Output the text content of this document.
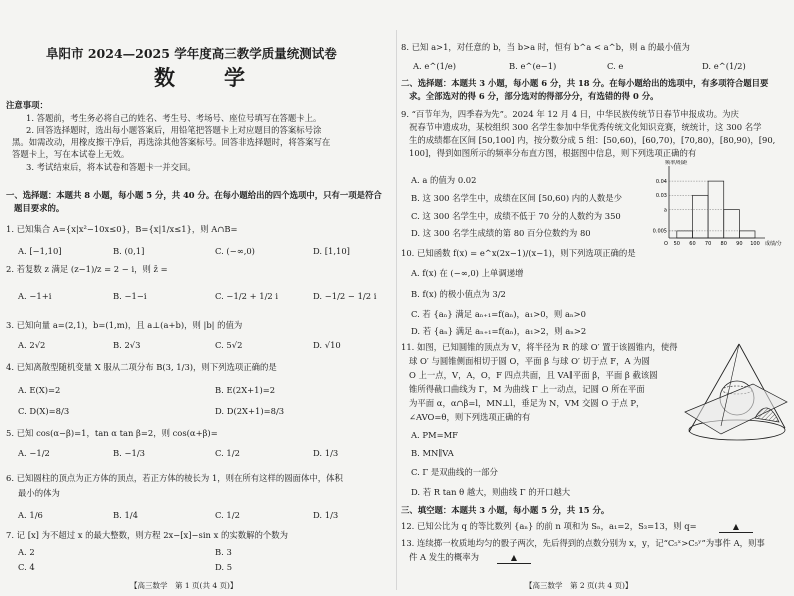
阜阳市 2024—2025 学年度高三教学质量统测试卷
数　学
注意事项：
1. 答题前，考生务必将自己的姓名、考生号、考场号、座位号填写在答题卡上。
2. 回答选择题时，选出每小题答案后，用铅笔把答题卡上对应题目的答案标号涂
黑。如需改动，用橡皮擦干净后，再选涂其他答案标号。回答非选择题时，将答案写在
答题卡上，写在本试卷上无效。
3. 考试结束后，将本试卷和答题卡一并交回。
一、选择题：本题共 8 小题，每小题 5 分，共 40 分。在每小题给出的四个选项中，只有一项是符合
题目要求的。
1. 已知集合 A={x|x²−10x≤0}，B={x|1/x≤1}，则 A∩B=
A. [−1,10]	B. (0,1]	C. (−∞,0)	D. [1,10]
2. 若复数 z 满足 (z−1)/z = 2 − i，则 z̄ =
A. −1+i	B. −1−i	C. −1/2 + 1/2 i	D. −1/2 − 1/2 i
3. 已知向量 a=(2,1)，b=(1,m)，且 a⊥(a+b)，则 |b| 的值为
A. 2√2	B. 2√3	C. 5√2	D. √10
4. 已知离散型随机变量 X 服从二项分布 B(3, 1/3)，则下列选项正确的是
A. E(X)=2	B. E(2X+1)=2
C. D(X)=8/3	D. D(2X+1)=8/3
5. 已知 cos(α−β)=1，tan α tan β=2，则 cos(α+β)=
A. −1/2	B. −1/3	C. 1/2	D. 1/3
6. 已知圆柱的顶点为正方体的顶点，若正方体的棱长为 1，则在所有这样的圆面体中，体积
最小的体为
A. 1/6	B. 1/4	C. 1/2	D. 1/3
7. 记 [x] 为不超过 x 的最大整数，则方程 2x−[x]−sin x 的实数解的个数为
A. 2	B. 3
C. 4	D. 5
【高三数学　第 1 页(共 4 页)】
8. 已知 a>1，对任意的 b，当 b>a 时，恒有 b^a < a^b，则 a 的最小值为
A. e^(1/e)	B. e^(e−1)	C. e	D. e^(1/2)
二、选择题：本题共 3 小题，每小题 6 分，共 18 分。在每小题给出的选项中，有多项符合题目要
求。全部选对的得 6 分，部分选对的得部分分，有选错的得 0 分。
9. “百节年为，四季春为先”。2024 年 12 月 4 日，中华民族传统节日春节申报成功。为庆
祝春节申遗成功，某校组织 300 名学生参加中华优秀传统文化知识竞赛，统统计，这 300 名学
生的成绩都在区间 [50,100] 内，按分数分成 5 组：[50,60)，[60,70)，[70,80)，[80,90)，[90,
100]，得到如图所示的频率分布直方图，根据图中信息，则下列选项正确的有
A. a 的值为 0.02
B. 这 300 名学生中，成绩在区间 [50,60) 内的人数是少
C. 这 300 名学生中，成绩不低于 70 分的人数约为 350
D. 这 300 名学生成绩的第 80 百分位数约为 80
50 60 70 80 90 100
0.04
0.03
a
0.005
频率/组距
成绩/分
O
10. 已知函数 f(x) = e^x(2x−1)/(x−1)，则下列选项正确的是
A. f(x) 在 (−∞,0) 上单调递增
B. f(x) 的极小值点为 3/2
C. 若 {aₙ} 满足 aₙ₊₁=f(aₙ)，a₁>0，则 aₙ>0
D. 若 {aₙ} 满足 aₙ₊₁=f(aₙ)，a₁>2，则 aₙ>2
11. 如图，已知圆锥的顶点为 V，将半径为 R 的球 O′ 置于该圆锥内，使得
球 O′ 与圆锥侧面相切于圆 O，平面 β 与球 O′ 切于点 F，A 为圆
O 上一点，V，A，O，F 四点共面，且 VA∥平面 β，平面 β 截该圆
锥所得截口曲线为 Γ，M 为曲线 Γ 上一动点，记圆 O 所在平面
为平面 α，α∩β=l，MN⊥l，垂足为 N，VM 交圆 O 于点 P，
∠AVO=θ，则下列选项正确的有
A. PM=MF
B. MN∥VA
C. Γ 是双曲线的一部分
D. 若 R tan θ 越大，则曲线 Γ 的开口越大
三、填空题：本题共 3 小题，每小题 5 分，共 15 分。
12. 已知公比为 q 的等比数列 {aₙ} 的前 n 项和为 Sₙ，a₁=2，S₃=13，则 q=	▲
13. 连续掷一枚质地均匀的骰子两次，先后得到的点数分别为 x，y，记“C₅ˣ>C₅ʸ”为事件 A，则事
件 A 发生的概率为	▲
【高三数学　第 2 页(共 4 页)】
